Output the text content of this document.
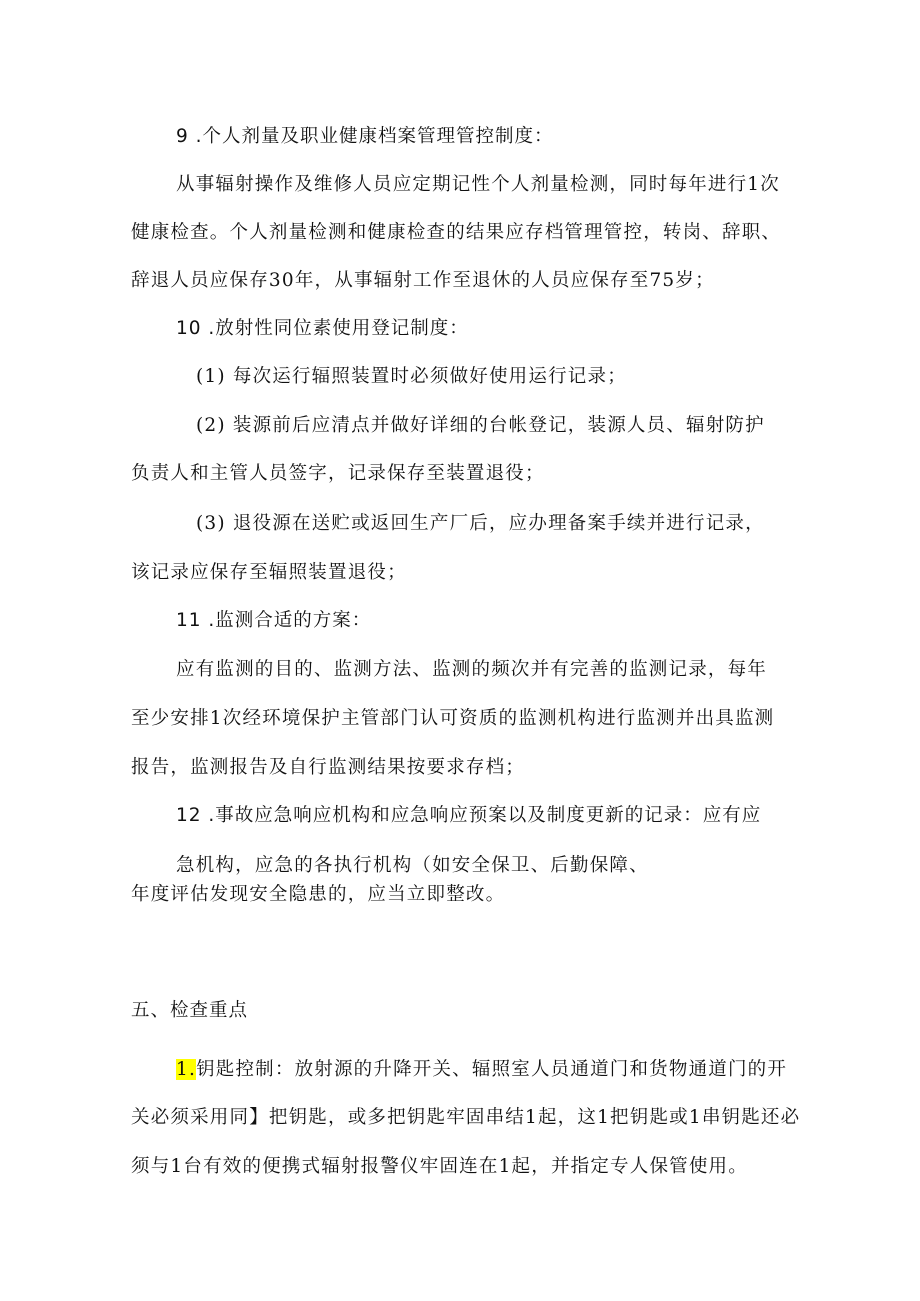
9 .个人剂量及职业健康档案管理管控制度：
从事辐射操作及维修人员应定期记性个人剂量检测，同时每年进行1次
健康检查。个人剂量检测和健康检查的结果应存档管理管控，转岗、辞职、
辞退人员应保存30年，从事辐射工作至退休的人员应保存至75岁；
10 .放射性同位素使用登记制度：
(1) 每次运行辐照装置时必须做好使用运行记录；
(2) 装源前后应清点并做好详细的台帐登记，装源人员、辐射防护
负责人和主管人员签字，记录保存至装置退役；
(3) 退役源在送贮或返回生产厂后，应办理备案手续并进行记录，
该记录应保存至辐照装置退役；
11 .监测合适的方案：
应有监测的目的、监测方法、监测的频次并有完善的监测记录，每年
至少安排1次经环境保护主管部门认可资质的监测机构进行监测并出具监测
报告，监测报告及自行监测结果按要求存档；
12 .事故应急响应机构和应急响应预案以及制度更新的记录：应有应
急机构，应急的各执行机构（如安全保卫、后勤保障、
年度评估发现安全隐患的，应当立即整改。
五、检查重点
1.钥匙控制：放射源的升降开关、辐照室人员通道门和货物通道门的开
关必须采用同】把钥匙，或多把钥匙牢固串结1起，这1把钥匙或1串钥匙还必
须与1台有效的便携式辐射报警仪牢固连在1起，并指定专人保管使用。
